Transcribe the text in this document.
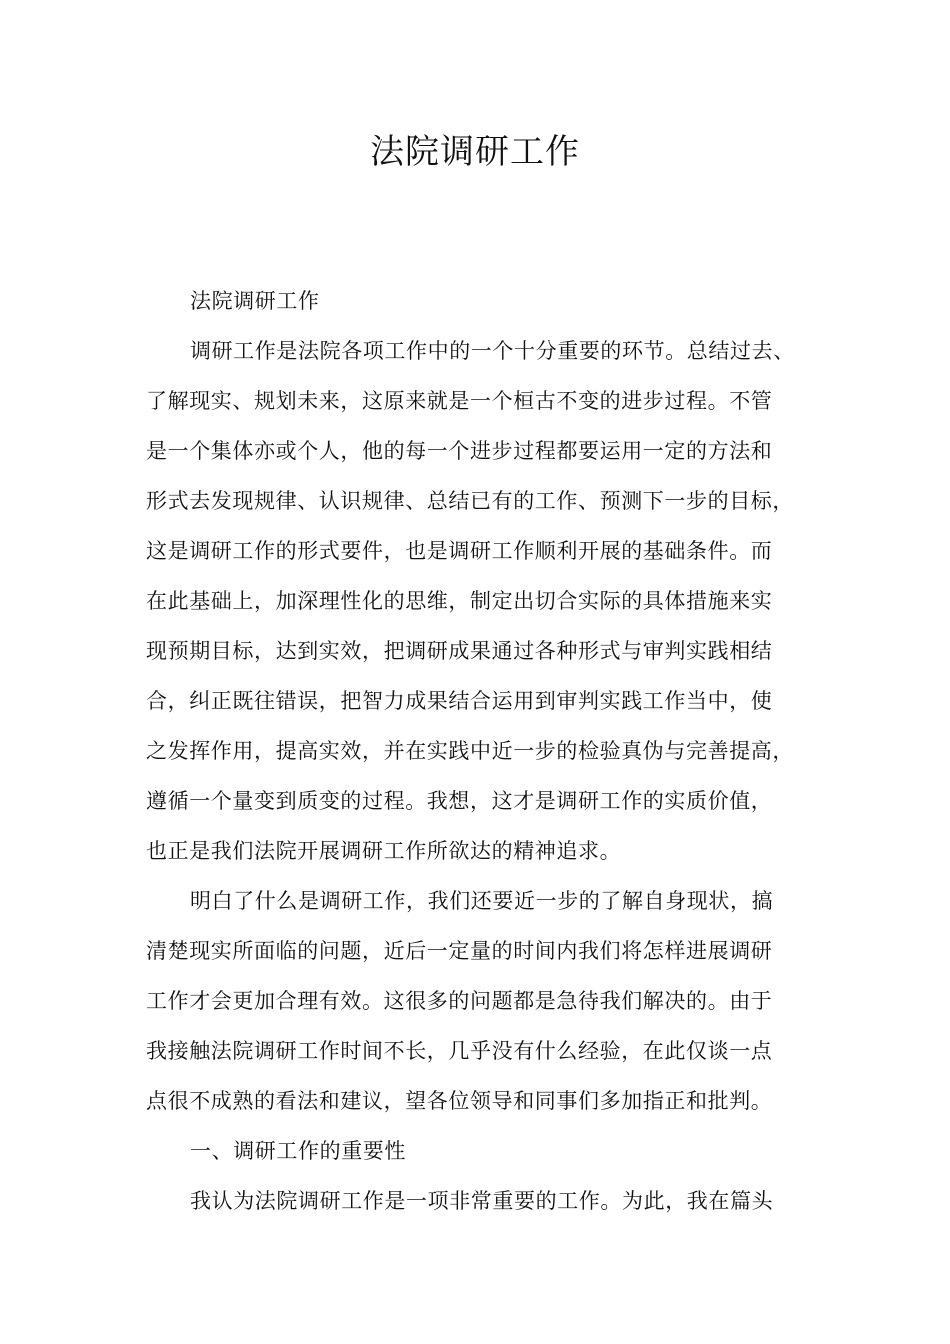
法院调研工作
法院调研工作
调研工作是法院各项工作中的一个十分重要的环节。总结过去、
了解现实、规划未来，这原来就是一个桓古不变的进步过程。不管
是一个集体亦或个人，他的每一个进步过程都要运用一定的方法和
形式去发现规律、认识规律、总结已有的工作、预测下一步的目标，
这是调研工作的形式要件，也是调研工作顺利开展的基础条件。而
在此基础上，加深理性化的思维，制定出切合实际的具体措施来实
现预期目标，达到实效，把调研成果通过各种形式与审判实践相结
合，纠正既往错误，把智力成果结合运用到审判实践工作当中，使
之发挥作用，提高实效，并在实践中近一步的检验真伪与完善提高，
遵循一个量变到质变的过程。我想，这才是调研工作的实质价值，
也正是我们法院开展调研工作所欲达的精神追求。
明白了什么是调研工作，我们还要近一步的了解自身现状，搞
清楚现实所面临的问题，近后一定量的时间内我们将怎样进展调研
工作才会更加合理有效。这很多的问题都是急待我们解决的。由于
我接触法院调研工作时间不长，几乎没有什么经验，在此仅谈一点
点很不成熟的看法和建议，望各位领导和同事们多加指正和批判。
一、调研工作的重要性
我认为法院调研工作是一项非常重要的工作。为此，我在篇头
